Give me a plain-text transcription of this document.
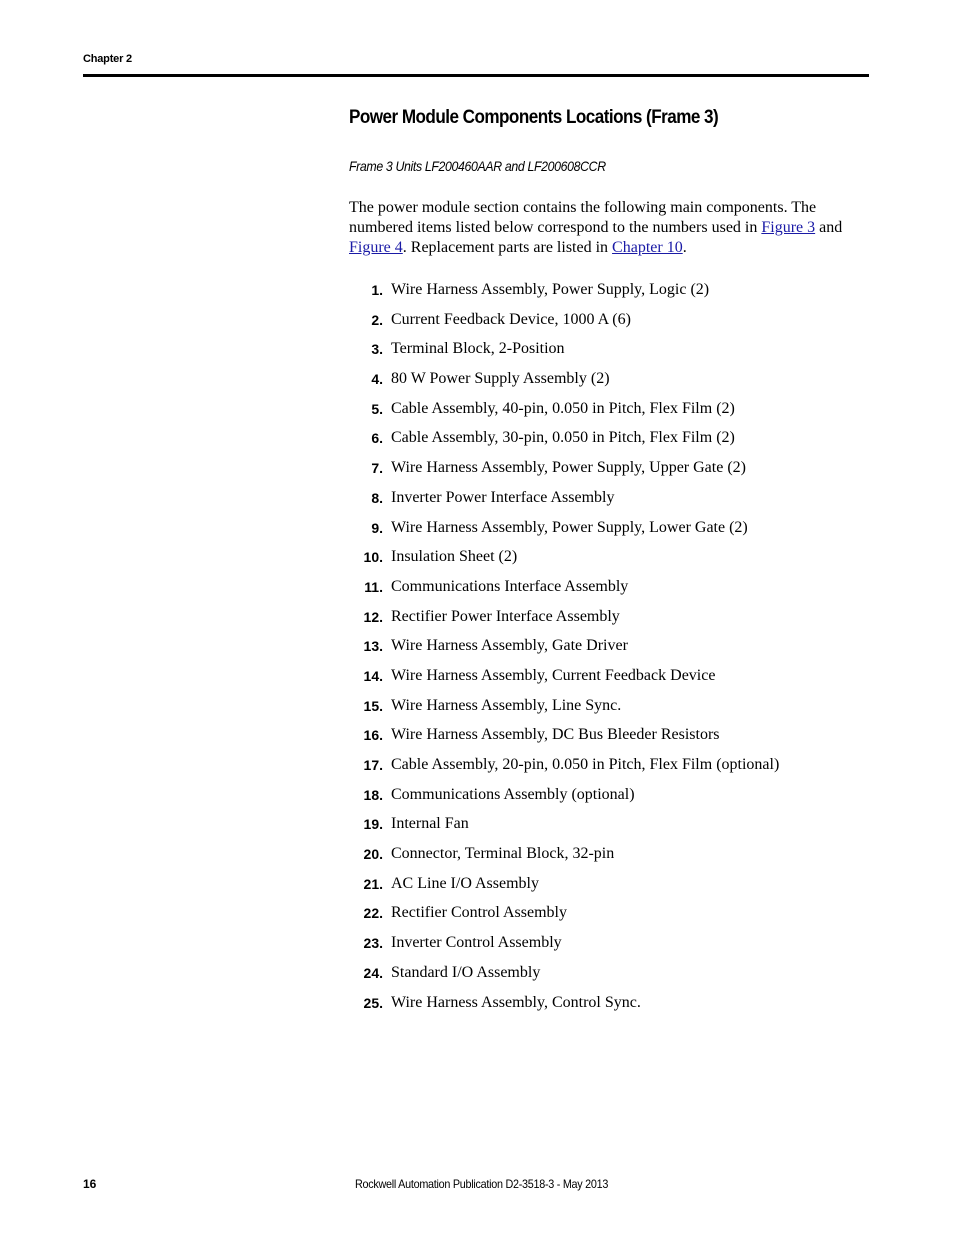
Chapter 2
Power Module Components Locations (Frame 3)

Frame 3 Units LF200460AAR and LF200608CCR

The power module section contains the following main components. The numbered items listed below correspond to the numbers used in Figure 3 and Figure 4. Replacement parts are listed in Chapter 10.

1. Wire Harness Assembly, Power Supply, Logic (2)
2. Current Feedback Device, 1000 A (6)
3. Terminal Block, 2-Position
4. 80 W Power Supply Assembly (2)
5. Cable Assembly, 40-pin, 0.050 in Pitch, Flex Film (2)
6. Cable Assembly, 30-pin, 0.050 in Pitch, Flex Film (2)
7. Wire Harness Assembly, Power Supply, Upper Gate (2)
8. Inverter Power Interface Assembly
9. Wire Harness Assembly, Power Supply, Lower Gate (2)
10. Insulation Sheet (2)
11. Communications Interface Assembly
12. Rectifier Power Interface Assembly
13. Wire Harness Assembly, Gate Driver
14. Wire Harness Assembly, Current Feedback Device
15. Wire Harness Assembly, Line Sync.
16. Wire Harness Assembly, DC Bus Bleeder Resistors
17. Cable Assembly, 20-pin, 0.050 in Pitch, Flex Film (optional)
18. Communications Assembly (optional)
19. Internal Fan
20. Connector, Terminal Block, 32-pin
21. AC Line I/O Assembly
22. Rectifier Control Assembly
23. Inverter Control Assembly
24. Standard I/O Assembly
25. Wire Harness Assembly, Control Sync.
16	Rockwell Automation Publication D2-3518-3 - May 2013
